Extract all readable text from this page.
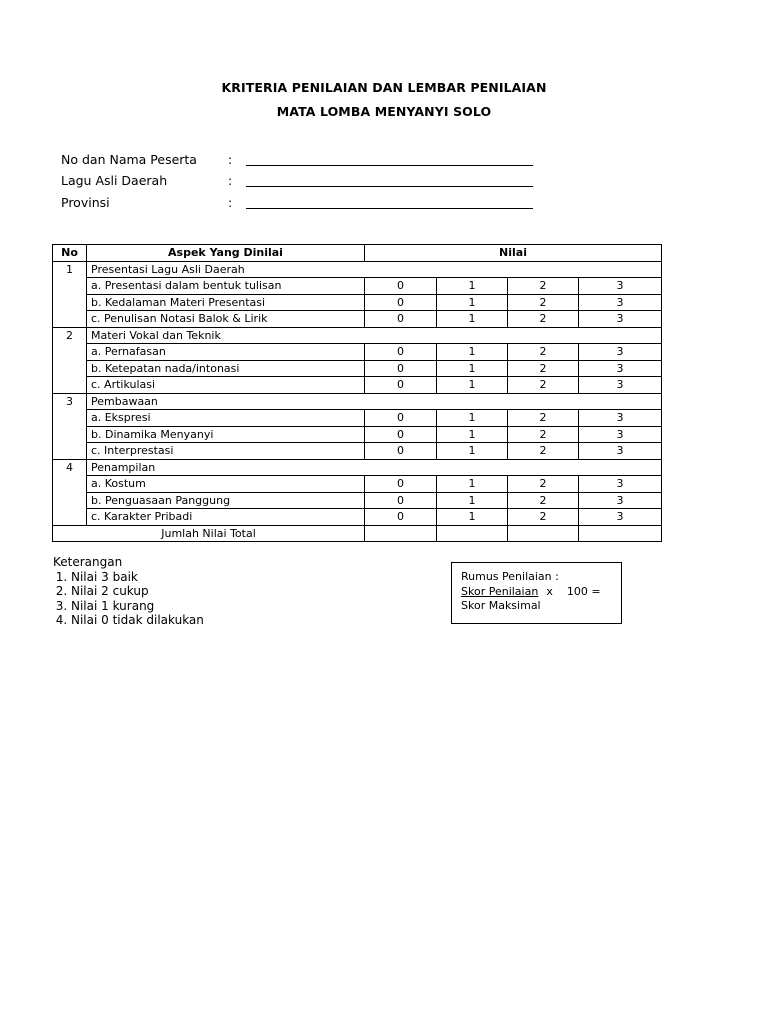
KRITERIA PENILAIAN DAN LEMBAR PENILAIAN
MATA LOMBA MENYANYI SOLO
No dan Nama Peserta :
Lagu Asli Daerah	:
Provinsi	:
No	Aspek Yang Dinilai	Nilai			
1	Presentasi Lagu Asli Daerah				
	a. Presentasi dalam bentuk tulisan	0	1	2	3
	b. Kedalaman Materi Presentasi	0	1	2	3
	c. Penulisan Notasi Balok & Lirik	0	1	2	3
2	Materi Vokal dan Teknik				
	a. Pernafasan	0	1	2	3
	b. Ketepatan nada/intonasi	0	1	2	3
	c. Artikulasi	0	1	2	3
3	Pembawaan				
	a. Ekspresi	0	1	2	3
	b. Dinamika Menyanyi	0	1	2	3
	c. Interprestasi	0	1	2	3
4	Penampilan				
	a. Kostum	0	1	2	3
	b. Penguasaan Panggung	0	1	2	3
	c. Karakter Pribadi	0	1	2	3
Jumlah Nilai Total					
Keterangan
1. Nilai 3 baik
2. Nilai 2 cukup
3. Nilai 1 kurang
4. Nilai 0 tidak dilakukan
Rumus Penilaian :
Skor Penilaian x 100 =
Skor Maksimal
